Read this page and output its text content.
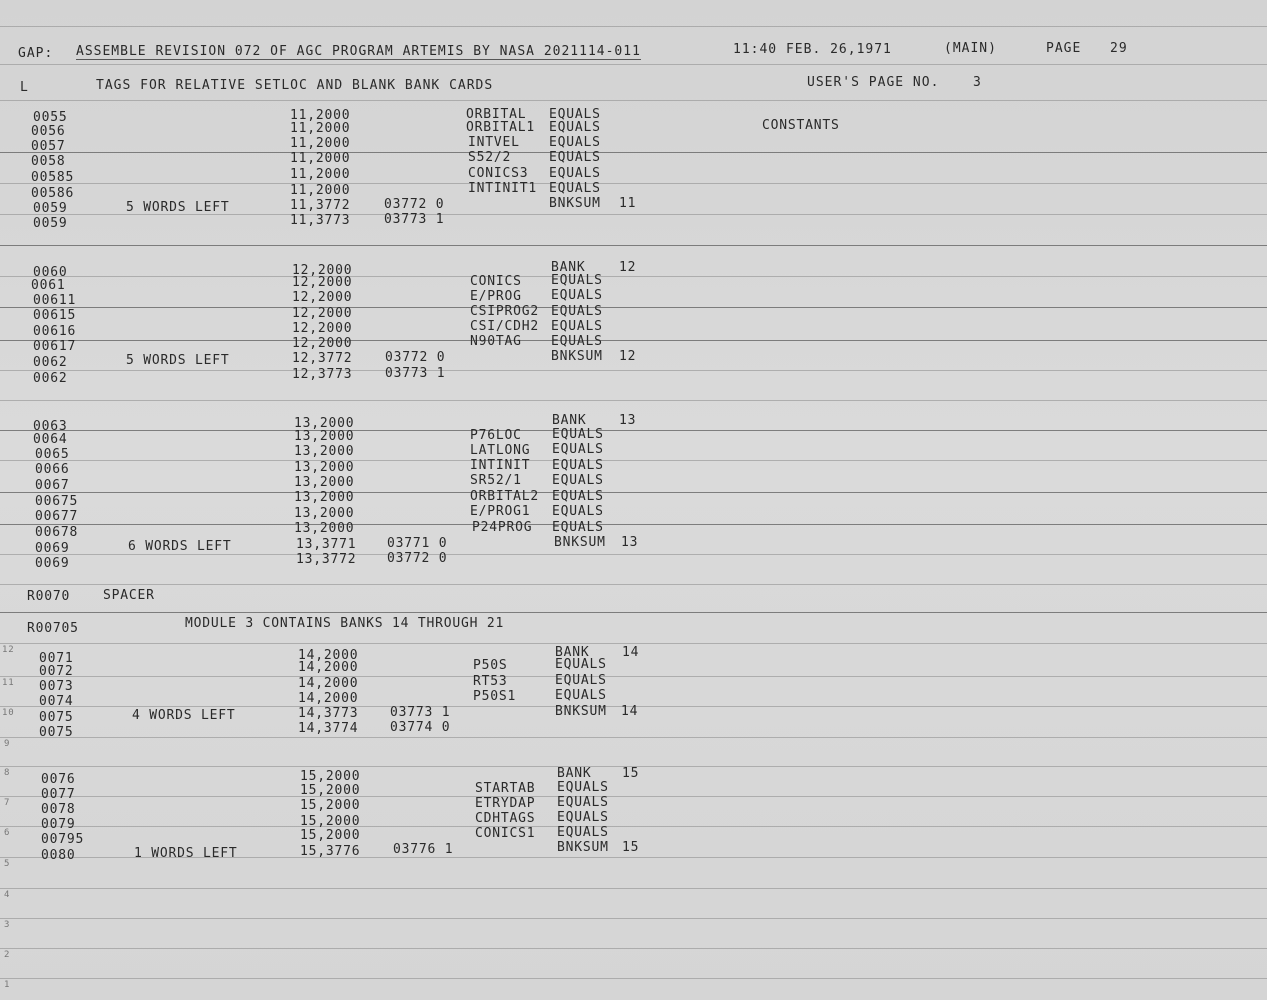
GAP: ASSEMBLE REVISION 072 OF AGC PROGRAM ARTEMIS BY NASA 2021114-011	11:40 FEB. 26,1971	(MAIN)	PAGE 29
L	TAGS FOR RELATIVE SETLOC AND BLANK BANK CARDS	USER'S PAGE NO.	3
CONSTANTS
0055	11,2000	ORBITAL EQUALS
0056	11,2000	ORBITAL1 EQUALS
0057	11,2000	INTVEL EQUALS
0058	11,2000	S52/2	EQUALS
00585	11,2000	CONICS3 EQUALS
00586	11,2000	INTINIT1 EQUALS
0059	5 WORDS LEFT	11,3772	03772 0	BNKSUM 11
0059	11,3773	03773 1
0060	12,2000	BANK	12
0061	12,2000	CONICS EQUALS
00611	12,2000	E/PROG EQUALS
00615	12,2000	CSIPROG2 EQUALS
00616	12,2000	CSI/CDH2 EQUALS
00617	12,2000	N90TAG EQUALS
0062	5 WORDS LEFT	12,3772	03772 0	BNKSUM 12
0062	12,3773	03773 1
0063	13,2000	BANK 13
0064	13,2000	P76LOC EQUALS
0065	13,2000	LATLONG EQUALS
0066	13,2000	INTINIT EQUALS
0067	13,2000	SR52/1 EQUALS
00675	13,2000	ORBITAL2 EQUALS
00677	13,2000	E/PROG1 EQUALS
00678	13,2000	P24PROG EQUALS
0069	6 WORDS LEFT	13,3771 03771 0	BNKSUM 13
0069	13,3772 03772 0
R0070	SPACER
R00705	MODULE 3 CONTAINS BANKS 14 THROUGH 21
0071	14,2000	BANK 14
0072	14,2000	P50S	EQUALS
0073	14,2000	RT53	EQUALS
0074	14,2000	P50S1	EQUALS
0075	4 WORDS LEFT	14,3773 03773 1	BNKSUM 14
0075	14,3774 03774 0
0076	15,2000	BANK 15
0077	15,2000	STARTAB EQUALS
0078	15,2000	ETRYDAP EQUALS
0079	15,2000	CDHTAGS EQUALS
00795	15,2000	CONICS1 EQUALS
0080	1 WORDS LEFT	15,3776	03776 1	BNKSUM 15
12
11
10
9
8
7
6
5
4
3
2
1
